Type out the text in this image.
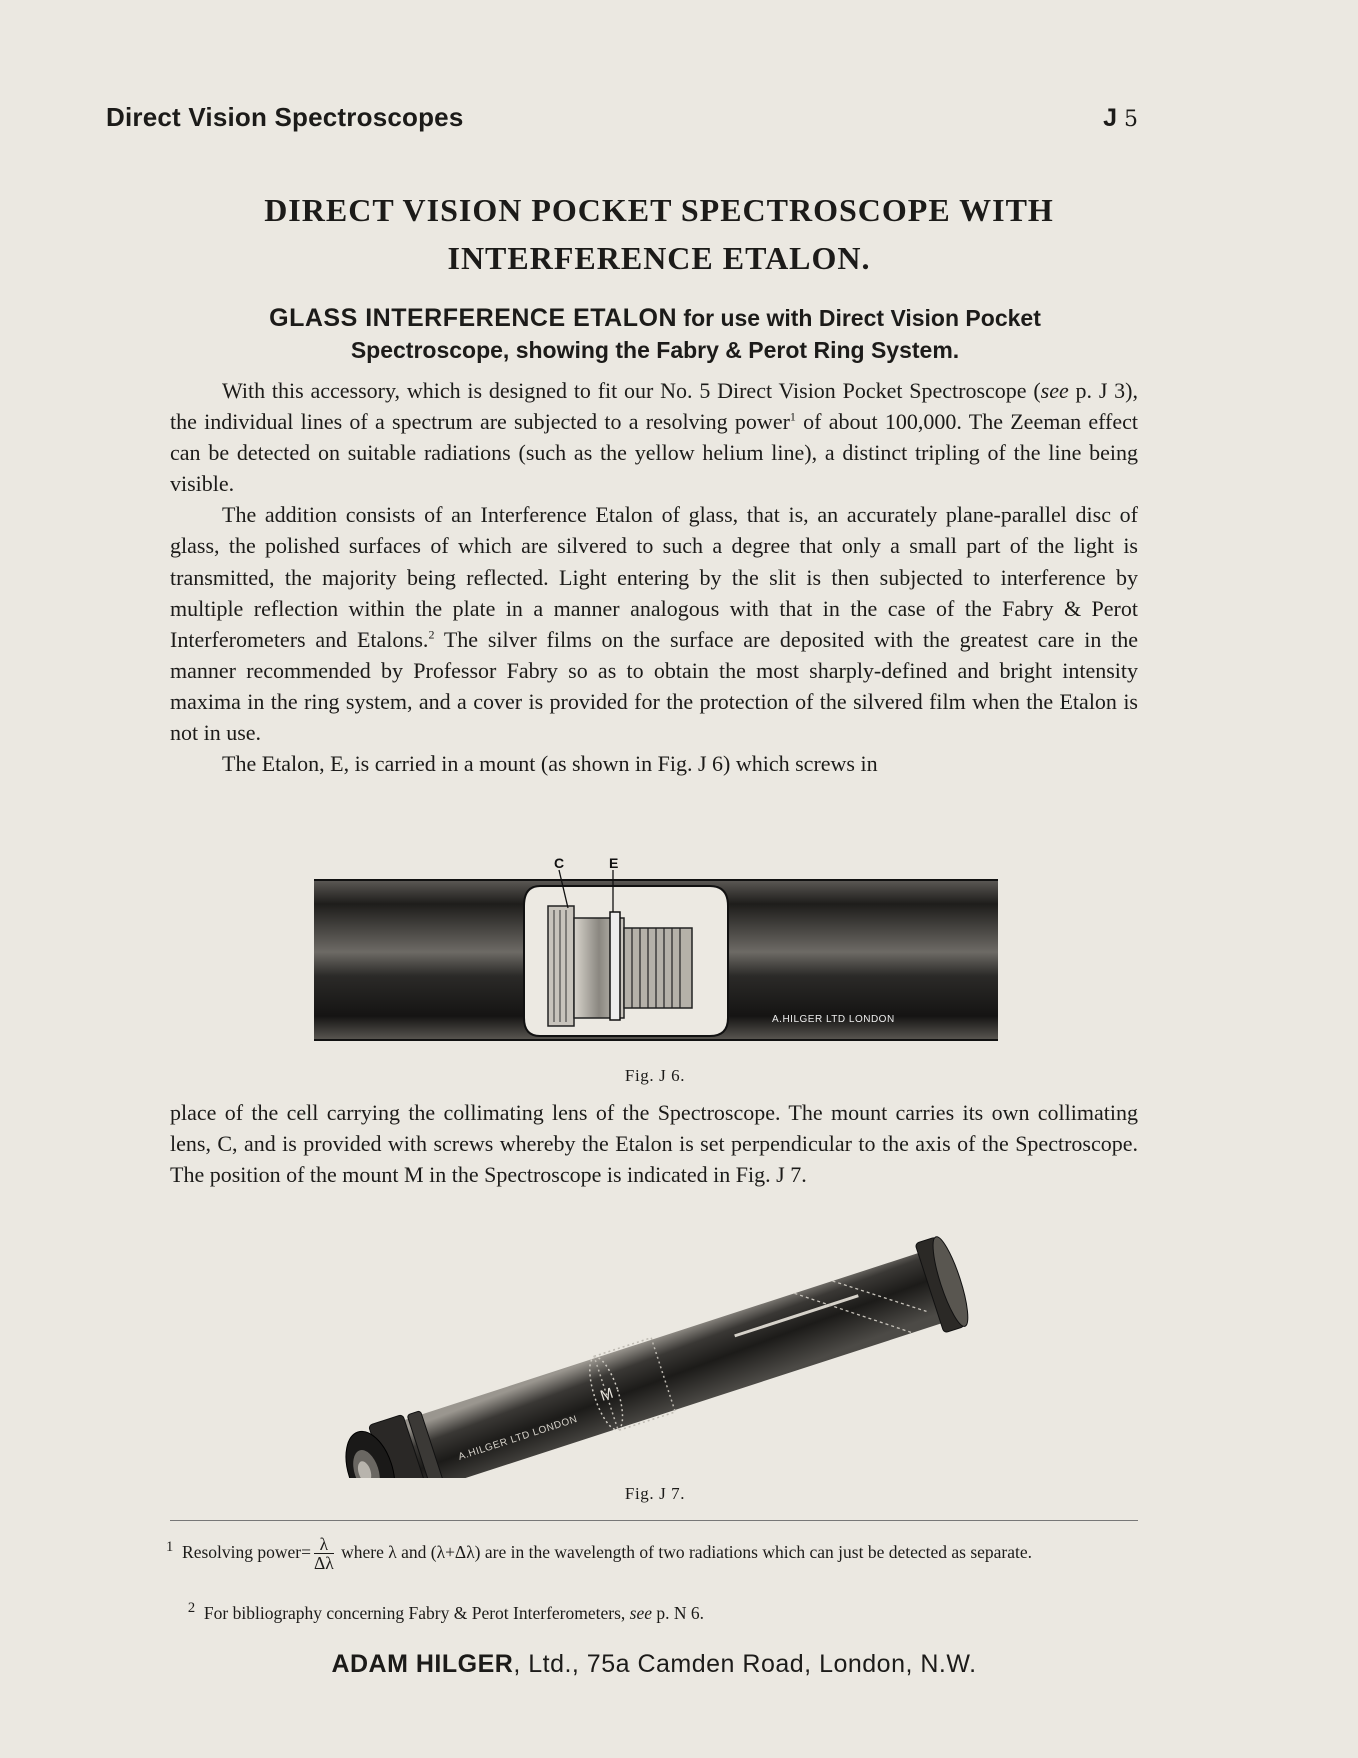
Direct Vision Spectroscopes	J 5
DIRECT VISION POCKET SPECTROSCOPE WITH
INTERFERENCE ETALON.
GLASS INTERFERENCE ETALON for use with Direct Vision Pocket
Spectroscope, showing the Fabry & Perot Ring System.

With this accessory, which is designed to fit our No. 5 Direct Vision Pocket Spectroscope (see p. J 3), the individual lines of a spectrum are subjected to a resolving power$^1$ of about 100,000. The Zeeman effect can be detected on suitable radiations (such as the yellow helium line), a distinct tripling of the line being visible.

The addition consists of an Interference Etalon of glass, that is, an accurately plane-parallel disc of glass, the polished surfaces of which are silvered to such a degree that only a small part of the light is transmitted, the majority being reflected. Light entering by the slit is then subjected to interference by multiple reflection within the plate in a manner analogous with that in the case of the Fabry & Perot Interferometers and Etalons.$^2$ The silver films on the surface are deposited with the greatest care in the manner recommended by Professor Fabry so as to obtain the most sharply-defined and bright intensity maxima in the ring system, and a cover is provided for the protection of the silvered film when the Etalon is not in use.

The Etalon, E, is carried in a mount (as shown in Fig. J 6) which screws in

C	E
A.HILGER LTD LONDON
Fig. J 6.

place of the cell carrying the collimating lens of the Spectroscope. The mount carries its own collimating lens, C, and is provided with screws whereby the Etalon is set perpendicular to the axis of the Spectroscope. The position of the mount M in the Spectroscope is indicated in Fig. J 7.

M
A.HILGER LTD LONDON
Fig. J 7.
$^1$ Resolving power= $\frac{\lambda}{\Delta\lambda}$ where λ and (λ+Δλ) are in the wavelength of two radiations which can just be detected as separate.
$^2$ For bibliography concerning Fabry & Perot Interferometers, see p. N 6.
ADAM HILGER, Ltd., 75a Camden Road, London, N.W.
